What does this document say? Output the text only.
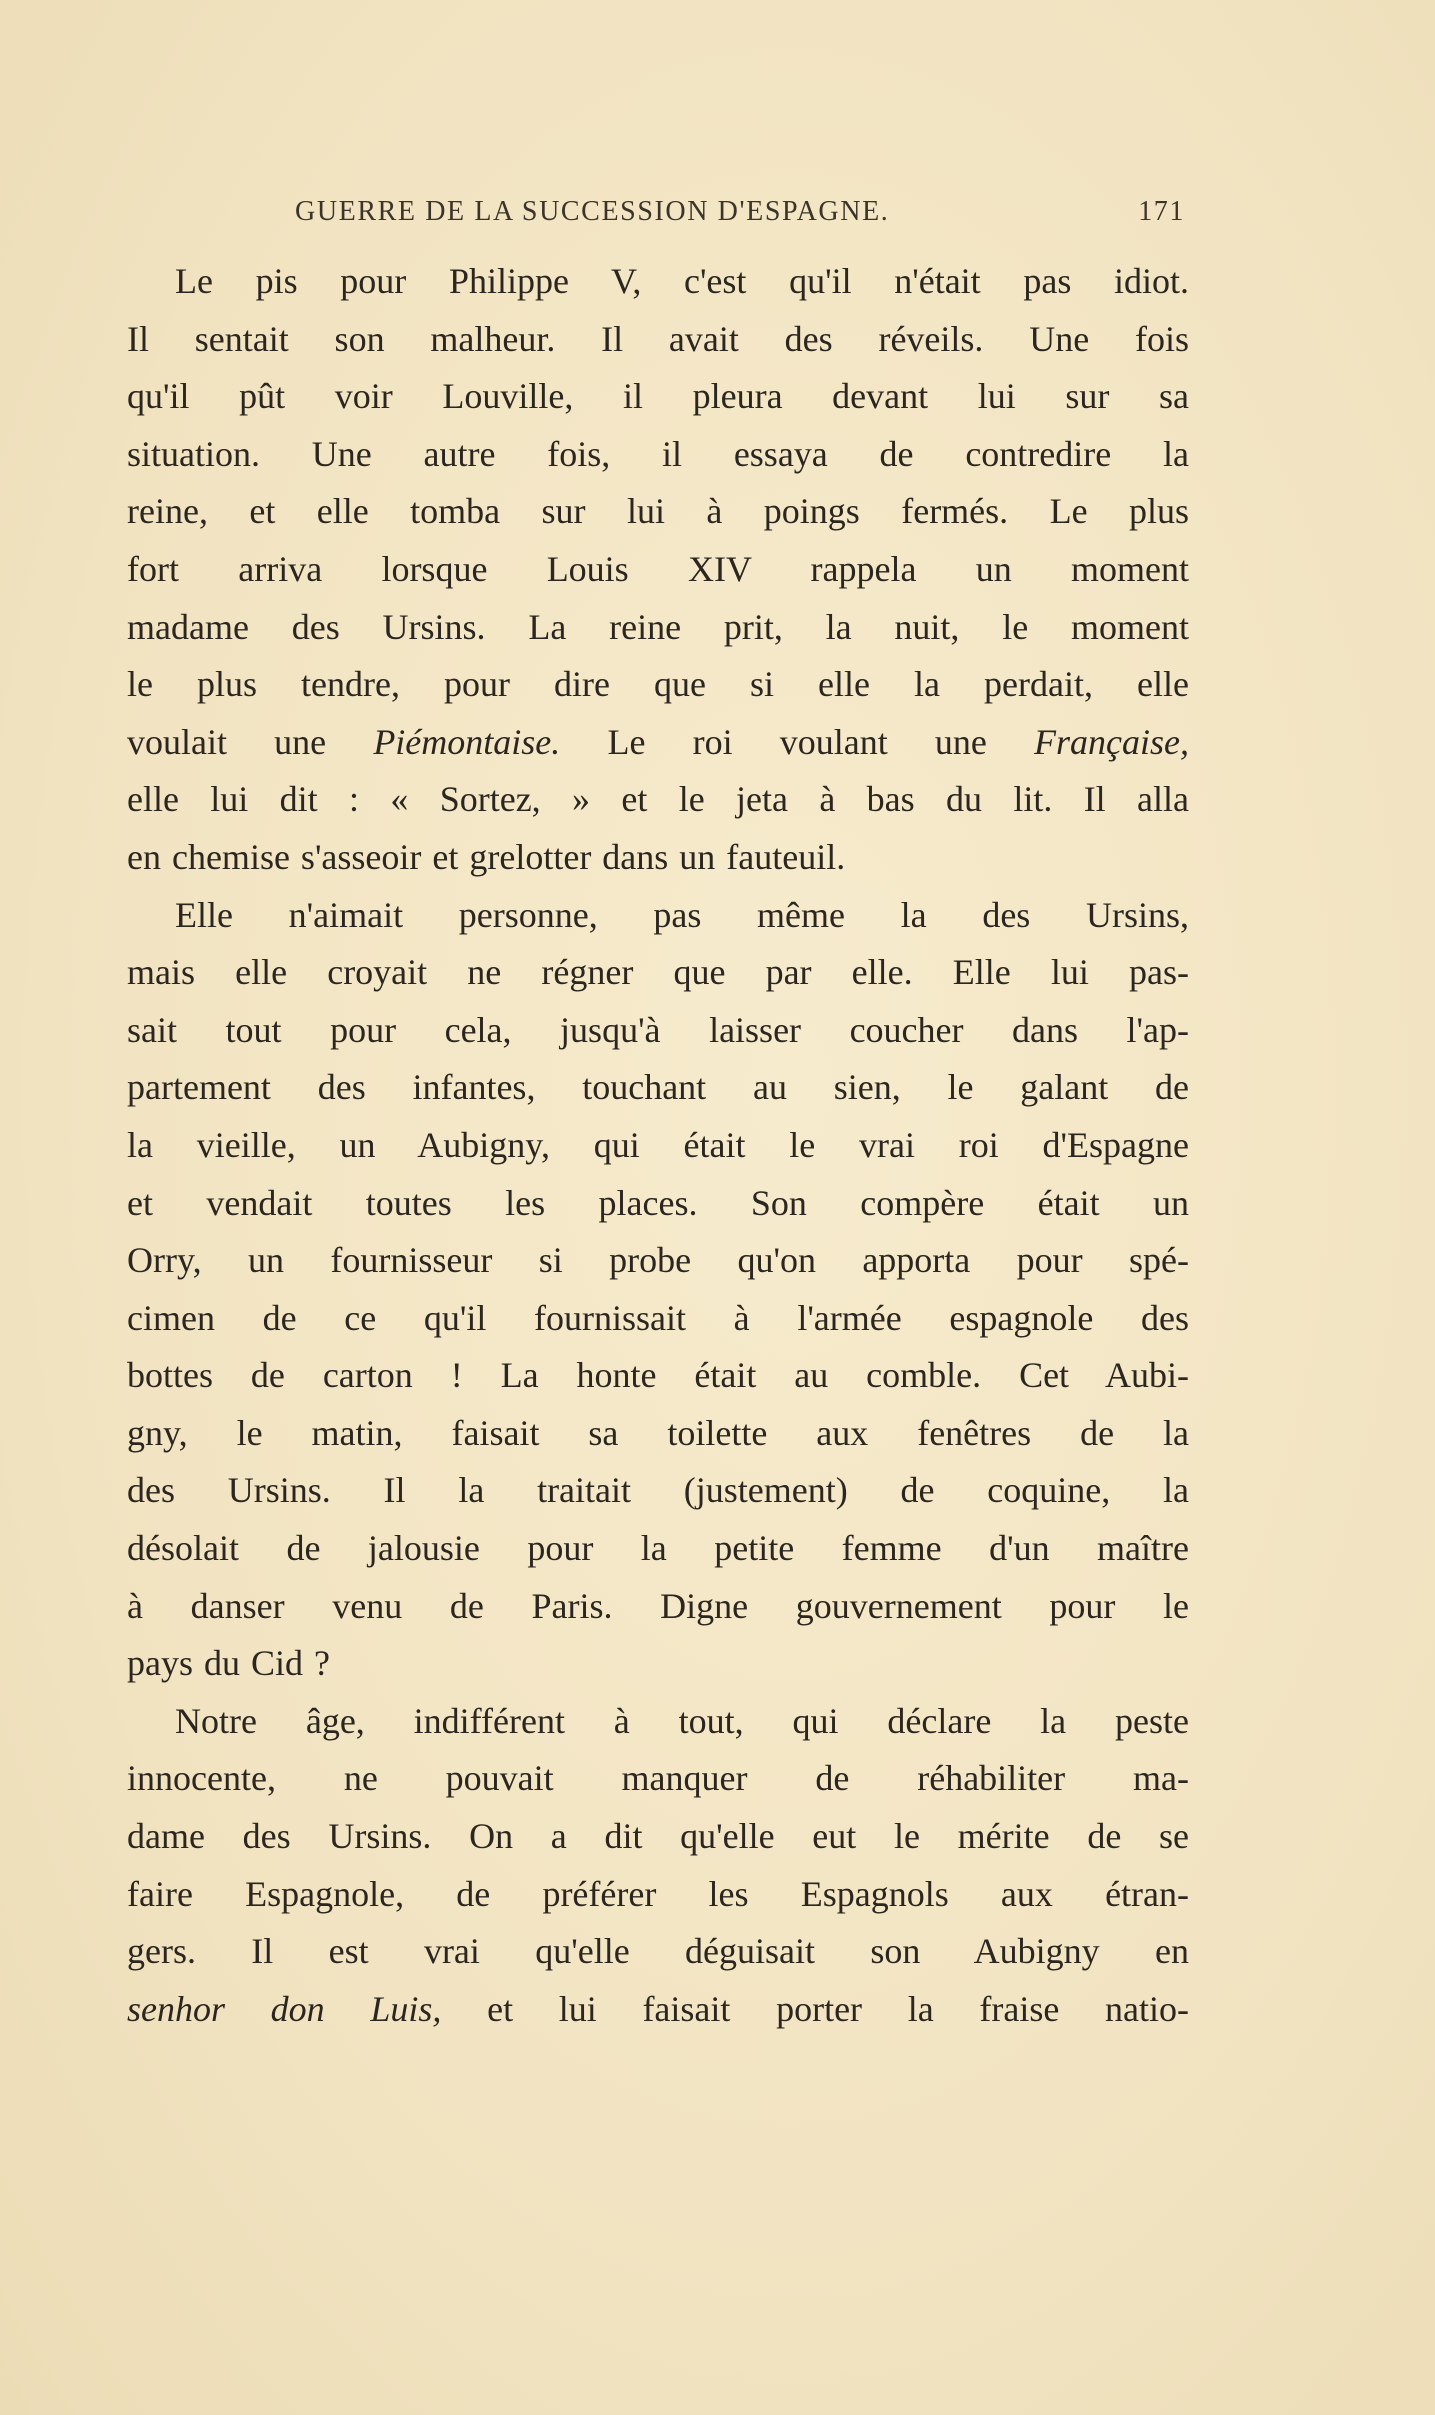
GUERRE DE LA SUCCESSION D'ESPAGNE.	171
Le pis pour Philippe V, c'est qu'il n'était pas idiot.
Il sentait son malheur. Il avait des réveils. Une fois
qu'il pût voir Louville, il pleura devant lui sur sa
situation. Une autre fois, il essaya de contredire la
reine, et elle tomba sur lui à poings fermés. Le plus
fort arriva lorsque Louis XIV rappela un moment
madame des Ursins. La reine prit, la nuit, le moment
le plus tendre, pour dire que si elle la perdait, elle
voulait une Piémontaise. Le roi voulant une Française,
elle lui dit : « Sortez, » et le jeta à bas du lit. Il alla
en chemise s'asseoir et grelotter dans un fauteuil.
Elle n'aimait personne, pas même la des Ursins,
mais elle croyait ne régner que par elle. Elle lui pas-
sait tout pour cela, jusqu'à laisser coucher dans l'ap-
partement des infantes, touchant au sien, le galant de
la vieille, un Aubigny, qui était le vrai roi d'Espagne
et vendait toutes les places. Son compère était un
Orry, un fournisseur si probe qu'on apporta pour spé-
cimen de ce qu'il fournissait à l'armée espagnole des
bottes de carton ! La honte était au comble. Cet Aubi-
gny, le matin, faisait sa toilette aux fenêtres de la
des Ursins. Il la traitait (justement) de coquine, la
désolait de jalousie pour la petite femme d'un maître
à danser venu de Paris. Digne gouvernement pour le
pays du Cid ?
Notre âge, indifférent à tout, qui déclare la peste
innocente, ne pouvait manquer de réhabiliter ma-
dame des Ursins. On a dit qu'elle eut le mérite de se
faire Espagnole, de préférer les Espagnols aux étran-
gers. Il est vrai qu'elle déguisait son Aubigny en
senhor don Luis, et lui faisait porter la fraise natio-
